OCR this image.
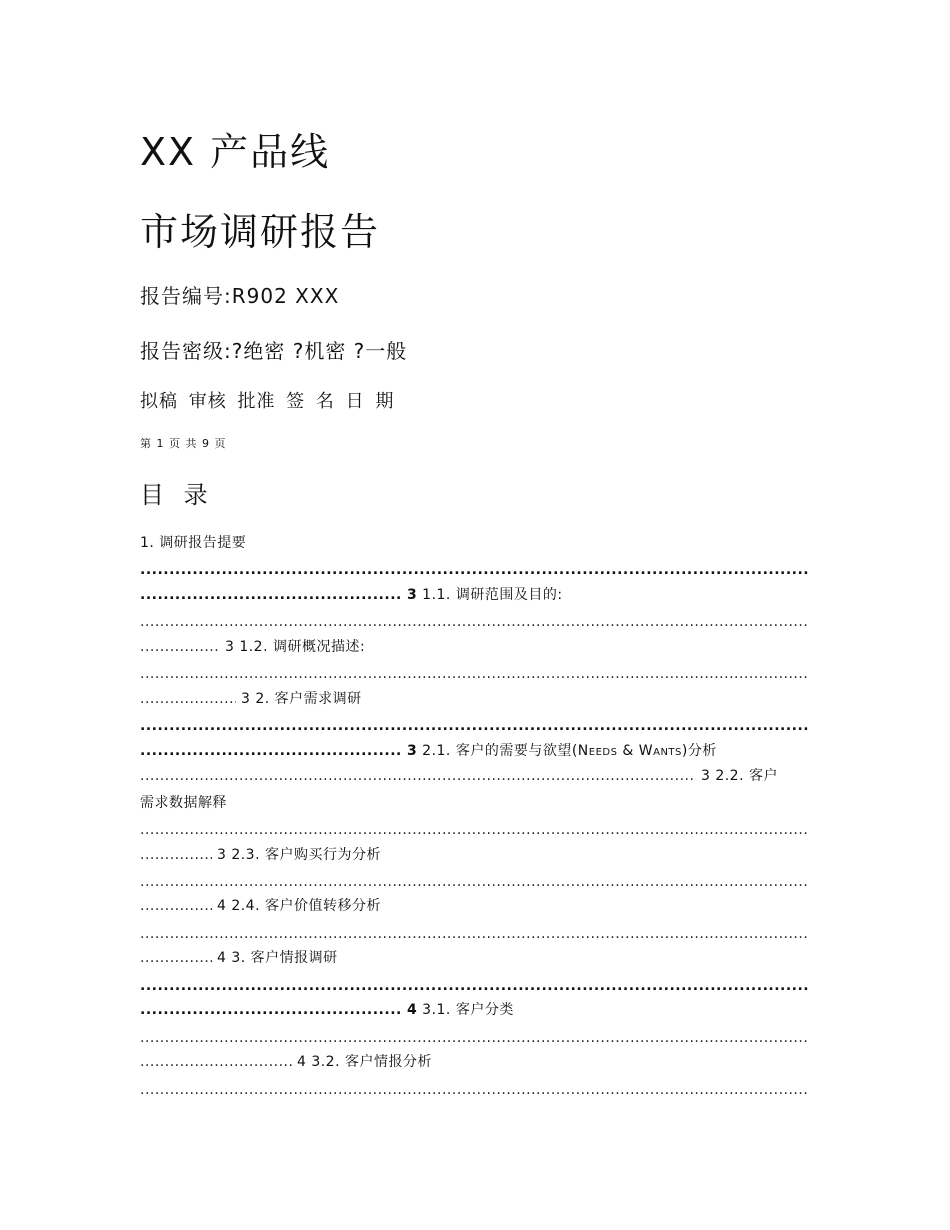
XX 产品线
市场调研报告
报告编号:R902 XXX
报告密级:?绝密 ?机密 ?一般
拟稿 审核 批准 签 名 日 期
第 1 页 共 9 页
目 录
1. 调研报告提要
.....
..... 3 1.1. 调研范围及目的:
.....
..... 3 1.2. 调研概况描述:
.....
..... 3 2. 客户需求调研
.....
..... 3 2.1. 客户的需要与欲望(Needs & Wants)分析
..... 3 2.2. 客户
需求数据解释
.....
..... 3 2.3. 客户购买行为分析
.....
..... 4 2.4. 客户价值转移分析
.....
..... 4 3. 客户情报调研
.....
..... 4 3.1. 客户分类
.....
..... 4 3.2. 客户情报分析
.....
